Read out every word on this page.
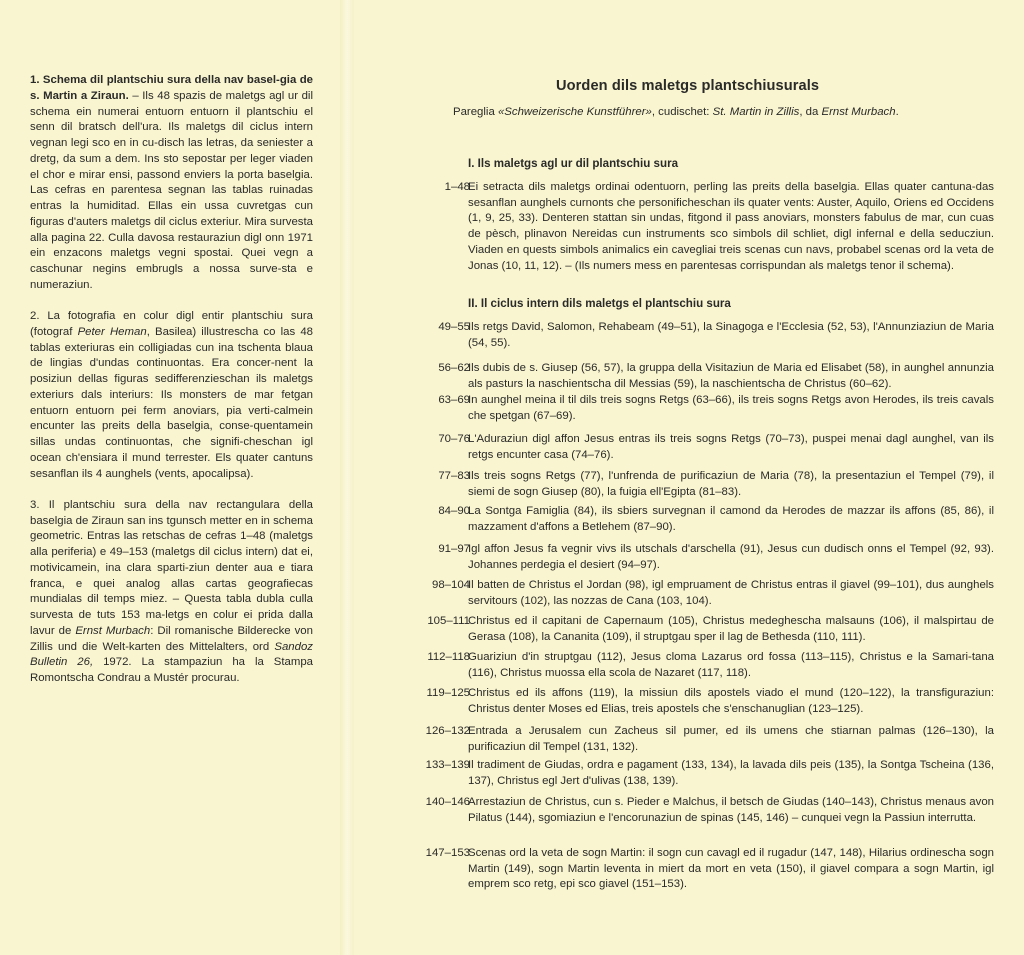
1. Schema dil plantschiu sura della nav basel-gia de s. Martin a Ziraun. – Ils 48 spazis de maletgs agl ur dil schema ein numerai entuorn entuorn il plantschiu el senn dil bratsch dell'ura. Ils maletgs dil ciclus intern vegnan legi sco en in cu-disch las letras, da seniester a dretg, da sum a dem. Ins sto sepostar per leger viaden el chor e mirar ensi, passond enviers la porta baselgia. Las cefras en parentesa segnan las tablas ruinadas entras la humiditad. Ellas ein ussa cuvretgas cun figuras d'auters maletgs dil ciclus exteriur. Mira survesta alla pagina 22. Culla davosa restauraziun digl onn 1971 ein enzacons maletgs vegni spostai. Quei vegn a caschunar negins embrugls a nossa surve-sta e numeraziun.

2. La fotografia en colur digl entir plantschiu sura (fotograf Peter Heman, Basilea) illustrescha co las 48 tablas exteriuras ein colligiadas cun ina tschenta blaua de lingias d'undas continuontas. Era concer-nent la posiziun dellas figuras sedifferenzieschan ils maletgs exteriurs dals interiurs: Ils monsters de mar fetgan entuorn entuorn pei ferm anoviars, pia verti-calmein encunter las preits della baselgia, conse-quentamein sillas undas continuontas, che signifi-cheschan igl ocean ch'ensiara il mund terrester. Els quater cantuns sesanflan ils 4 aunghels (vents, apocalipsa).

3. Il plantschiu sura della nav rectangulara della baselgia de Ziraun san ins tgunsch metter en in schema geometric. Entras las retschas de cefras 1–48 (maletgs alla periferia) e 49–153 (maletgs dil ciclus intern) dat ei, motivicamein, ina clara sparti-ziun denter aua e tiara franca, e quei analog allas cartas geografiecas mundialas dil temps miez. – Questa tabla dubla culla survesta de tuts 153 ma-letgs en colur ei prida dalla lavur de Ernst Murbach: Dil romanische Bilderecke von Zillis und die Welt-karten des Mittelalters, ord Sandoz Bulletin 26, 1972. La stampaziun ha la Stampa Romontscha Condrau a Mustér procurau.

Uorden dils maletgs plantschiusurals

Pareglia «Schweizerische Kunstführer», cudischet: St. Martin in Zillis, da Ernst Murbach.

I. Ils maletgs agl ur dil plantschiu sura
1–48
Ei setracta dils maletgs ordinai odentuorn, perling las preits della baselgia. Ellas quater cantuna-das sesanflan aunghels curnonts che personificheschan ils quater vents: Auster, Aquilo, Oriens ed Occidens (1, 9, 25, 33). Denteren stattan sin undas, fitgond il pass anoviars, monsters fabulus de mar, cun cuas de pèsch, plinavon Nereidas cun instruments sco simbols dil schliet, digl infernal e della seducziun. Viaden en quests simbols animalics ein cavegliai treis scenas cun navs, probabel scenas ord la veta de Jonas (10, 11, 12). – (Ils numers mess en parentesas corrispundan als maletgs tenor il schema).
II. Il ciclus intern dils maletgs el plantschiu sura
49–55
Ils retgs David, Salomon, Rehabeam (49–51), la Sinagoga e l'Ecclesia (52, 53), l'Annunziaziun de Maria (54, 55).
56–62
Ils dubis de s. Giusep (56, 57), la gruppa della Visitaziun de Maria ed Elisabet (58), in aunghel annunzia als pasturs la naschientscha dil Messias (59), la naschientscha de Christus (60–62).
63–69
In aunghel meina il til dils treis sogns Retgs (63–66), ils treis sogns Retgs avon Herodes, ils treis cavals che spetgan (67–69).
70–76
L'Aduraziun digl affon Jesus entras ils treis sogns Retgs (70–73), puspei menai dagl aunghel, van ils retgs encunter casa (74–76).
77–83
Ils treis sogns Retgs (77), l'unfrenda de purificaziun de Maria (78), la presentaziun el Tempel (79), il siemi de sogn Giusep (80), la fuigia ell'Egipta (81–83).
84–90
La Sontga Famiglia (84), ils sbiers survegnan il camond da Herodes de mazzar ils affons (85, 86), il mazzament d'affons a Betlehem (87–90).
91–97
Igl affon Jesus fa vegnir vivs ils utschals d'arschella (91), Jesus cun dudisch onns el Tempel (92, 93). Johannes perdegia el desiert (94–97).
98–104
Il batten de Christus el Jordan (98), igl empruament de Christus entras il giavel (99–101), dus aunghels servitours (102), las nozzas de Cana (103, 104).
105–111
Christus ed il capitani de Capernaum (105), Christus medegheschа malsauns (106), il malspirtau de Gerasa (108), la Cananita (109), il struptgau sper il lag de Bethesda (110, 111).
112–118
Guariziun d'in struptgau (112), Jesus cloma Lazarus ord fossa (113–115), Christus e la Samari-tana (116), Christus muossa ella scola de Nazaret (117, 118).
119–125
Christus ed ils affons (119), la missiun dils apostels viado el mund (120–122), la transfiguraziun: Christus denter Moses ed Elias, treis apostels che s'enschanuglian (123–125).
126–132
Entrada a Jerusalem cun Zacheus sil pumer, ed ils umens che stiarnan palmas (126–130), la purificaziun dil Tempel (131, 132).
133–139
Il tradiment de Giudas, ordra e pagament (133, 134), la lavada dils peis (135), la Sontga Tscheina (136, 137), Christus egl Jert d'ulivas (138, 139).
140–146
Arrestaziun de Christus, cun s. Pieder e Malchus, il betsch de Giudas (140–143), Christus menaus avon Pilatus (144), sgomiaziun e l'encorunaziun de spinas (145, 146) – cunquei vegn la Passiun interrutta.
147–153
Scenas ord la veta de sogn Martin: il sogn cun cavagl ed il rugadur (147, 148), Hilarius ordinescha sogn Martin (149), sogn Martin leventa in miert da mort en veta (150), il giavel compara a sogn Martin, igl emprem sco retg, epi sco giavel (151–153).
